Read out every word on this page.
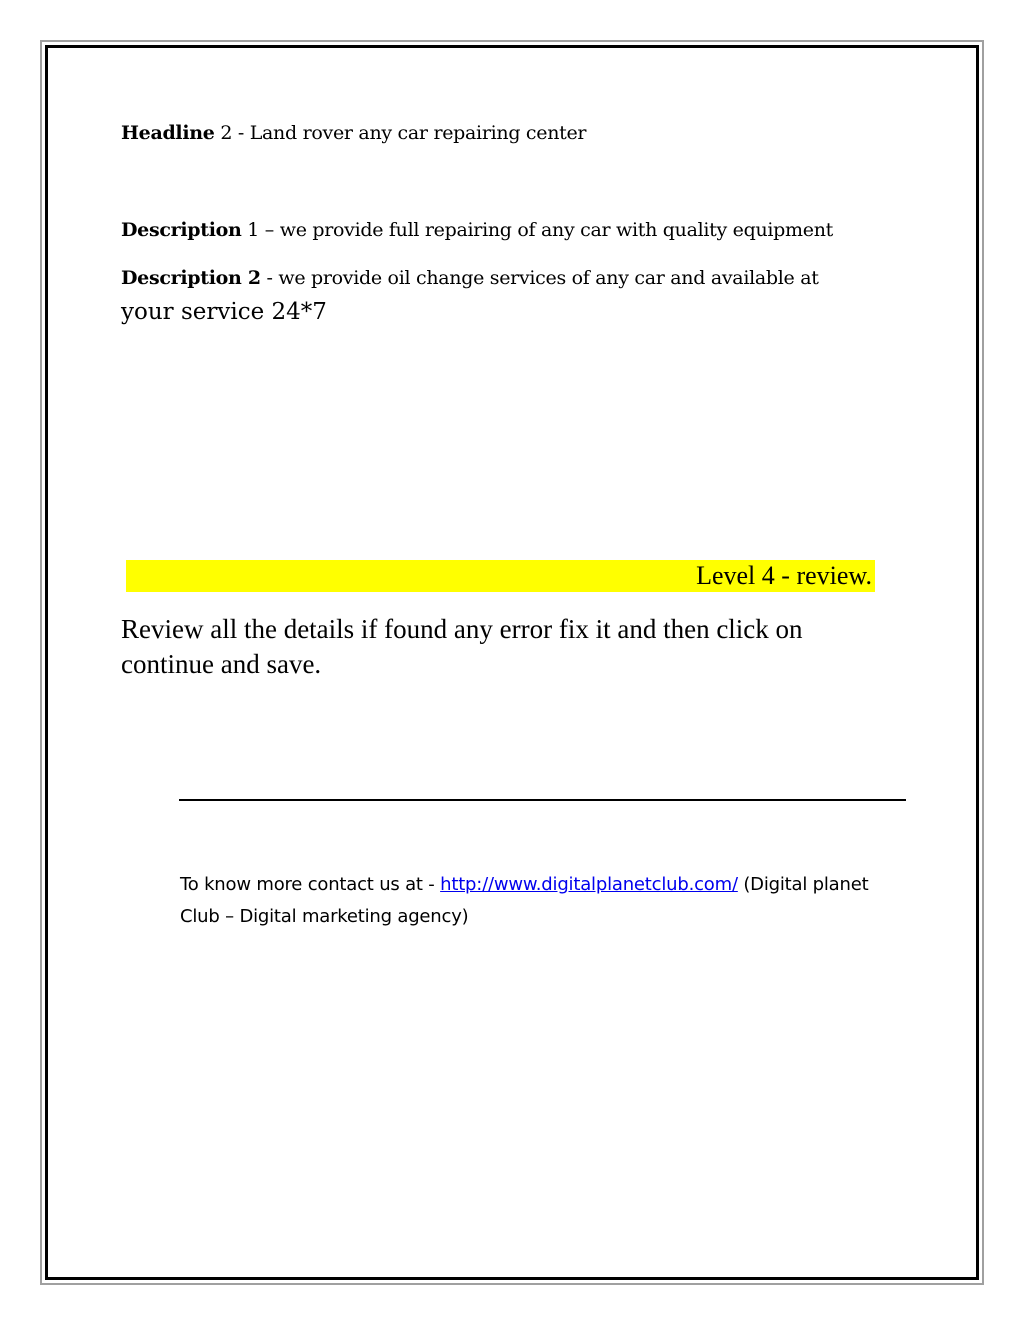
Headline 2 - Land rover any car repairing center
Description 1 – we provide full repairing of any car with quality equipment
Description 2 - we provide oil change services of any car and available at
your service 24*7
Level 4 - review.
Review all the details if found any error fix it and then click on continue and save.
To know more contact us at - http://www.digitalplanetclub.com/ (Digital planet Club – Digital marketing agency)
